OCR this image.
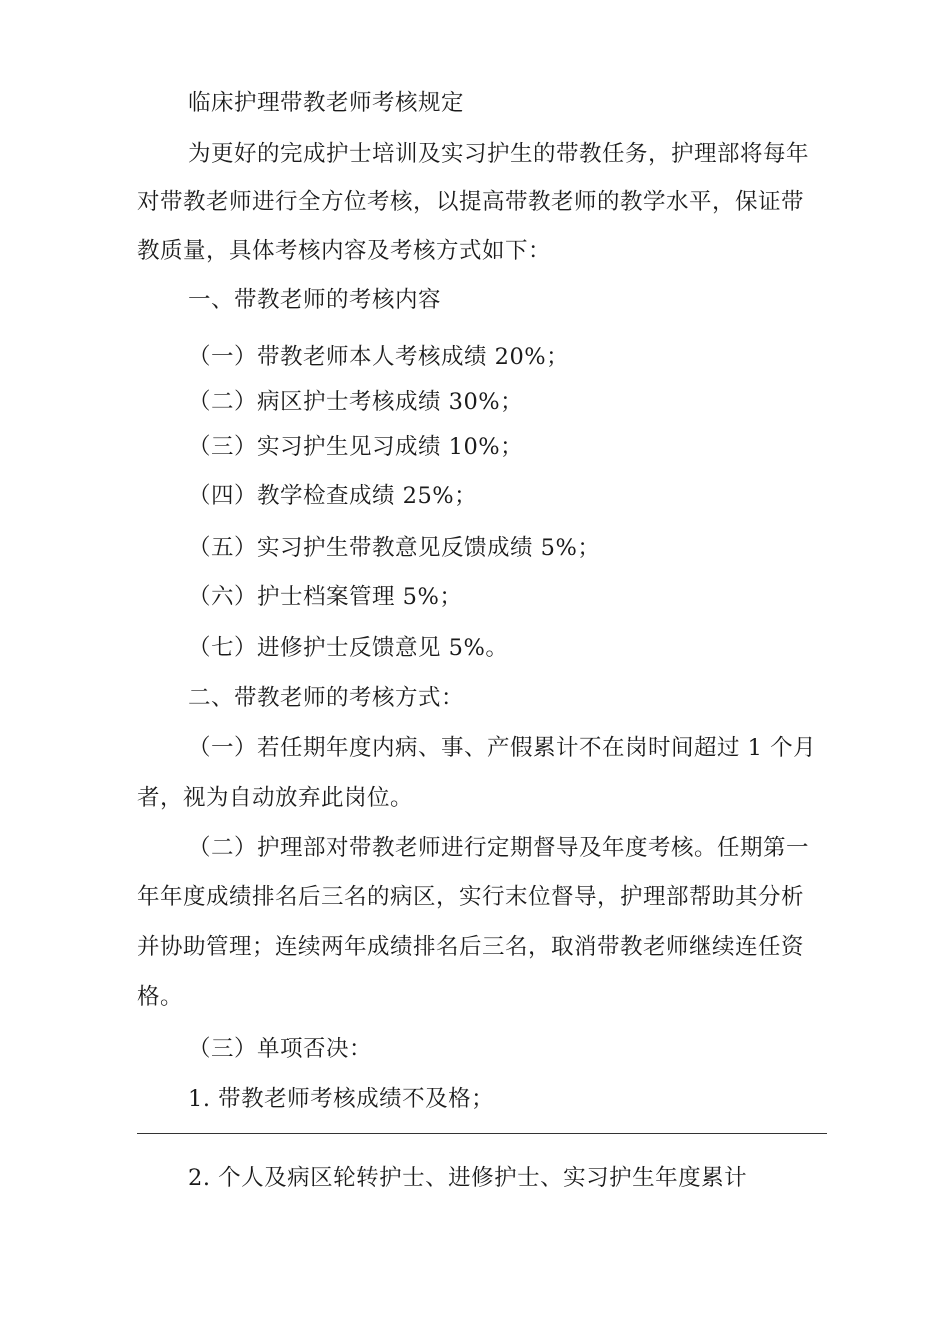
临床护理带教老师考核规定
为更好的完成护士培训及实习护生的带教任务，护理部将每年
对带教老师进行全方位考核，以提高带教老师的教学水平，保证带
教质量，具体考核内容及考核方式如下：
一、带教老师的考核内容
（一）带教老师本人考核成绩 20%；
（二）病区护士考核成绩 30%；
（三）实习护生见习成绩 10%；
（四）教学检查成绩 25%；
（五）实习护生带教意见反馈成绩 5%；
（六）护士档案管理 5%；
（七）进修护士反馈意见 5%。
二、带教老师的考核方式：
（一）若任期年度内病、事、产假累计不在岗时间超过 1 个月
者，视为自动放弃此岗位。
（二）护理部对带教老师进行定期督导及年度考核。任期第一
年年度成绩排名后三名的病区，实行末位督导，护理部帮助其分析
并协助管理；连续两年成绩排名后三名，取消带教老师继续连任资
格。
（三）单项否决：
1. 带教老师考核成绩不及格；
2. 个人及病区轮转护士、进修护士、实习护生年度累计
